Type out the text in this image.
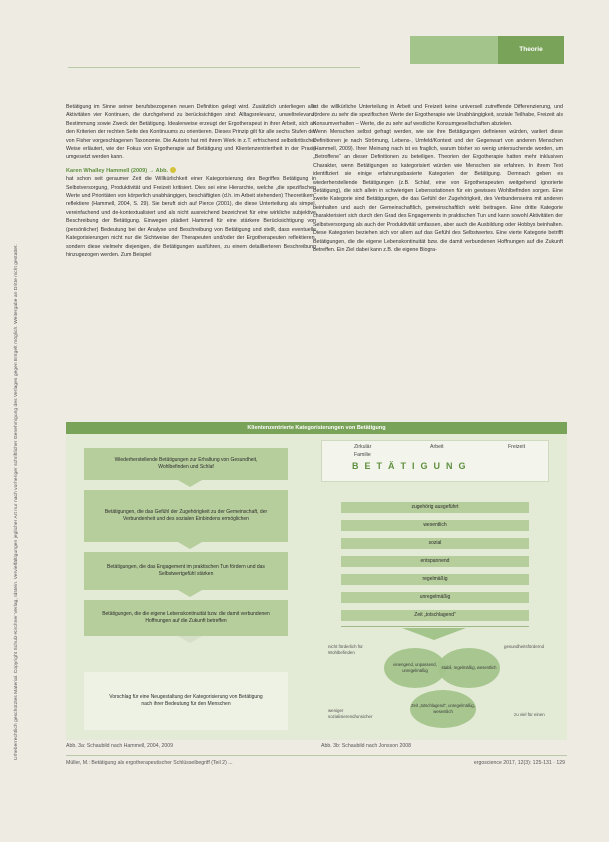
Theorie
Urheberrechtlich geschütztes Material. Copyright Schulz-Kirchner Verlag, Idstein. Vervielfältigungen jeglicher Art nur nach vorheriger schriftlicher Genehmigung des Verlages gegen Entgelt möglich. Weitergabe an Dritte nicht gestattet.

Betätigung im Sinne seiner berufsbezogenen neuen Definition gelegt wird. Zusätzlich unterliegen alle Aktivitäten vier Kontinuen, die durchgehend zu berücksichtigen sind: Alltagsrelevanz, unweltrelevanz, Bestimmung sowie Zweck der Betätigung. Idealerweise erzeugt der Ergotherapeut in ihrer Arbeit, sich an den Kriterien der rechten Seite des Kontinuums zu orientieren. Dieses Prinzip gilt für alle sechs Stufen der von Fisher vorgeschlagenen Taxonomie. Die Autorin hat mit ihrem Werk in z.T. erfrischend selbstkritischer Weise erläutert, wie der Fokus von Ergotherapie auf Betätigung und Klientenzentriertheit in der Praxis umgesetzt werden kann.

Karen Whalley Hammell (2009) → Abb.

hat schon seit geraumer Zeit die Willkürlichkeit einer Kategorisierung des Begriffes Betätigung in Selbstversorgung, Produktivität und Freizeit kritisiert. Dies sei eine Hierarchie, welche „die spezifischen Werte und Prioritäten von körperlich unabhängigen, beschäftigten (d.h. im Arbeit stehenden) Theoretikern“ reflektiere (Hammell, 2004, S. 29). Sie beruft sich auf Pierce (2001), die diese Unterteilung als simpel, vereinfachend und de-kontextualisiert und als nicht ausreichend bezeichnet für eine wirkliche subjektive Beschreibung der Betätigung. Einwegen plädiert Hammell für eine stärkere Berücksichtigung von (persönlicher) Bedeutung bei der Analyse und Beschreibung von Betätigung und stellt, dass eventuelle Kategorisierungen nicht nur die Sichtweise der Therapeuten und/oder der Ergotherapeuten reflektieren, sondern diese vielmehr diejenigen, die Betätigungen ausführen, zu einem detaillierteren Beschreibung hinzugezogen werden. Zum Beispiel

ist die willkürliche Unterteilung in Arbeit und Freizeit keine universell zutreffende Differenzierung, und fördere zu sehr die spezifischen Werte der Ergotherapie wie Unabhängigkeit, soziale Teilhabe, Freizeit als Konsumverhalten – Werte, die zu sehr auf westliche Konsumgesellschaften abzielen.

Wenn Menschen selbst gefragt werden, wie sie ihre Betätigungen definieren würden, variiert diese Definitionen je nach Strömung, Lebens-, Umfeld/Kontext und der Gegenwart von anderen Menschen (Hammell, 2009). Ihrer Meinung nach ist es fraglich, warum bisher so wenig untersuchende worden, um „Betroffene“ an dieser Definitionen zu beteiligen. Theorien der Ergotherapie hatten mehr inklusiven Charakter, wenn Betätigungen so kategorisiert würden wie Menschen sie erfahren. In ihrem Text identifiziert sie einige erfahrungsbasierte Kategorien der Betätigung. Demnach geben es wiederherstellende Betätigungen (z.B. Schlaf, eine von Ergotherapeuten weitgehend ignorierte Betätigung), die sich allein in schwierigen Lebensstationen für ein gewisses Wohlbefinden sorgen. Eine zweite Kategorie sind Betätigungen, die das Gefühl der Zugehörigkeit, des Verbundenseins mit anderen beinhalten und auch der Gemeinschaftlich, gemeinschaftlich wirkt beitragen. Eine dritte Kategorie charakterisiert sich durch den Grad des Engagements in praktischen Tun und kann sowohl Aktivitäten der Selbstversorgung als auch der Produktivität umfassen, aber auch die Ausbildung oder Hobbys beinhalten. Diese Kategorien beziehen sich vor allem auf das Gefühl des Selbstwertes. Eine vierte Kategorie betrifft Betätigungen, die die eigene Lebenskontinuität bzw. die damit verbundenen Hoffnungen auf die Zukunft betreffen. Ein Ziel dabei kann z.B. die eigene Biogra-

Klientenzentrierte Kategorisierungen von Betätigung
Wiederherstellende Betätigungen zur Erhaltung von Gesundheit, Wohlbefinden und Schlaf
Betätigungen, die das Gefühl der Zugehörigkeit zu der Gemeinschaft, der Verbundenheit und des sozialen Einbindens ermöglichen
Betätigungen, die das Engagement im praktischen Tun fördern und das Selbstwertgefühl stärken
Betätigungen, die die eigene Lebenskontinuität bzw. die damit verbundenen Hoffnungen auf die Zukunft betreffen
Vorschlag für eine Neugestaltung der Kategorisierung von Betätigung nach ihrer Bedeutung für den Menschen
Zirkulär	Arbeit	Freizeit
Familie
BETÄTIGUNG
zugehörig ausgeführt
wesentlich
sozial
entspannend
regelmäßig
unregelmäßig
Zeit „totschlagend“
nicht förderlich für Wohlbefinden
gesundheitsfördernd
weniger sozialisierend/unsicher	zu viel für einen
einengend, unpassend, unregelmäßig
stabil, regelmäßig, wesentlich
Zeit „totschlagend“, unregelmäßig, wesentlich
Abb. 3a: Schaubild nach Hammell, 2004, 2009	Abb. 3b: Schaubild nach Jonsson 2008
Müller, M.: Betätigung als ergotherapeutischer Schlüsselbegriff (Teil 2) ...	ergoscience 2017, 12(3): 125-131 · 129
